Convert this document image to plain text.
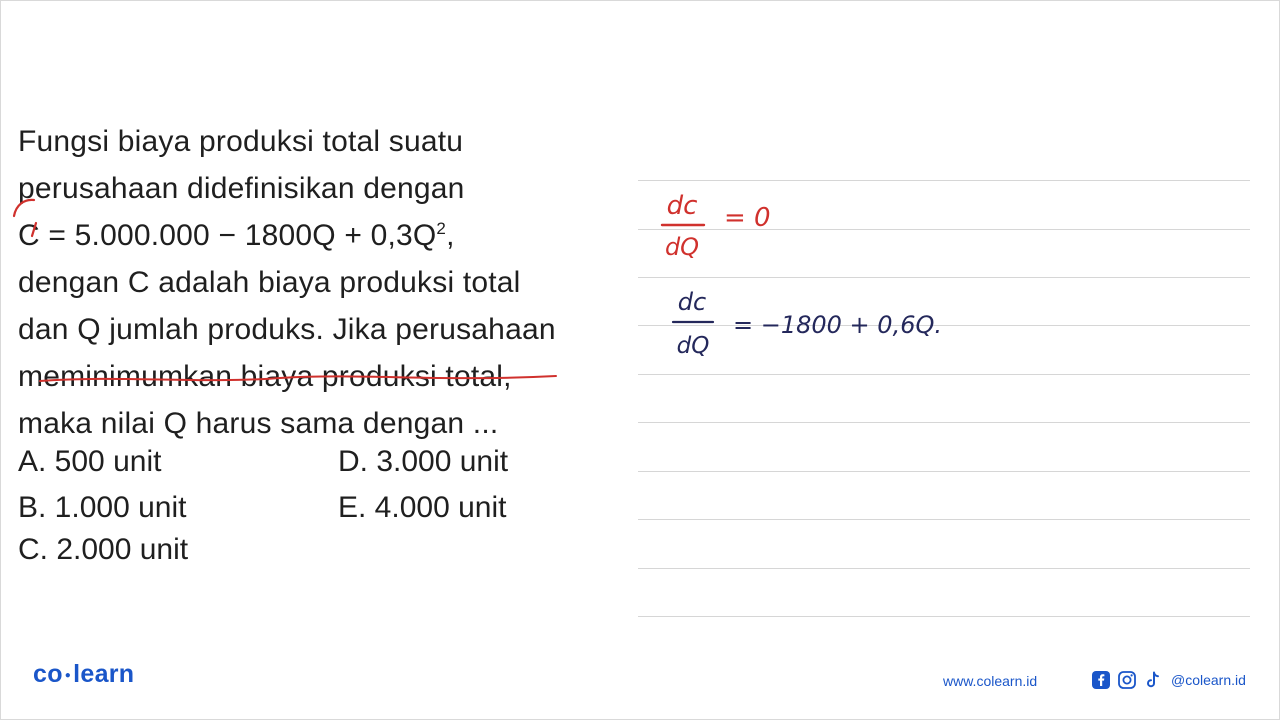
Fungsi biaya produksi total suatu
perusahaan didefinisikan dengan
$C = 5.000.000 - 1800Q + 0,3Q^2$,
dengan C adalah biaya produksi total
dan Q jumlah produks. Jika perusahaan
meminimumkan biaya produksi total,
maka nilai Q harus sama dengan ...
A. 500 unit
B. 1.000 unit
C. 2.000 unit
D. 3.000 unit
E. 4.000 unit
dc
dQ
= 0
dc
dQ
= −1800 + 0,6Q.
co ●learn	www.colearn.id	@colearn.id
